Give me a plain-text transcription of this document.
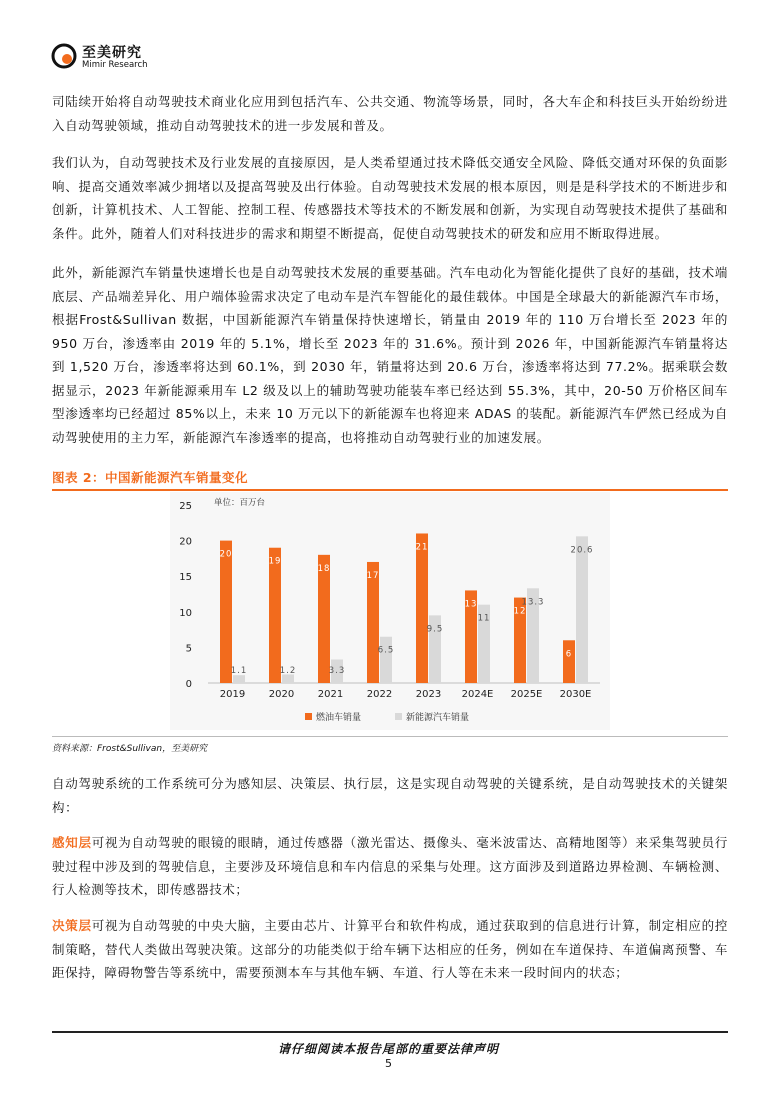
至美研究
Mimir Research
司陆续开始将自动驾驶技术商业化应用到包括汽车、公共交通、物流等场景，同时，各大车企和科技巨头开始纷纷进入自动驾驶领域，推动自动驾驶技术的进一步发展和普及。
我们认为，自动驾驶技术及行业发展的直接原因，是人类希望通过技术降低交通安全风险、降低交通对环保的负面影响、提高交通效率减少拥堵以及提高驾驶及出行体验。自动驾驶技术发展的根本原因，则是是科学技术的不断进步和创新，计算机技术、人工智能、控制工程、传感器技术等技术的不断发展和创新，为实现自动驾驶技术提供了基础和条件。此外，随着人们对科技进步的需求和期望不断提高，促使自动驾驶技术的研发和应用不断取得进展。
此外，新能源汽车销量快速增长也是自动驾驶技术发展的重要基础。汽车电动化为智能化提供了良好的基础，技术端底层、产品端差异化、用户端体验需求决定了电动车是汽车智能化的最佳载体。中国是全球最大的新能源汽车市场，根据Frost&Sullivan 数据，中国新能源汽车销量保持快速增长，销量由 2019 年的 110 万台增长至 2023 年的 950 万台，渗透率由 2019 年的 5.1%，增长至 2023 年的 31.6%。预计到 2026 年，中国新能源汽车销量将达到 1,520 万台，渗透率将达到 60.1%，到 2030 年，销量将达到 20.6 万台，渗透率将达到 77.2%。据乘联会数据显示，2023 年新能源乘用车 L2 级及以上的辅助驾驶功能装车率已经达到 55.3%，其中，20-50 万价格区间车型渗透率均已经超过 85%以上，未来 10 万元以下的新能源车也将迎来 ADAS 的装配。新能源汽车俨然已经成为自动驾驶使用的主力军，新能源汽车渗透率的提高，也将推动自动驾驶行业的加速发展。
图表 2：中国新能源汽车销量变化
单位：百万台
0
5
10
15
20
25
20
1.1
2019
19
1.2
2020
18
3.3
2021
17
6.5
2022
21
9.5
2023
13
11
2024E
12
13.3
2025E
6
20.6
2030E
燃油车销量	新能源汽车销量
资料来源：Frost&Sullivan，至美研究
自动驾驶系统的工作系统可分为感知层、决策层、执行层，这是实现自动驾驶的关键系统，是自动驾驶技术的关键架构：
感知层可视为自动驾驶的眼镜的眼睛，通过传感器（激光雷达、摄像头、毫米波雷达、高精地图等）来采集驾驶员行驶过程中涉及到的驾驶信息，主要涉及环境信息和车内信息的采集与处理。这方面涉及到道路边界检测、车辆检测、行人检测等技术，即传感器技术；
决策层可视为自动驾驶的中央大脑，主要由芯片、计算平台和软件构成，通过获取到的信息进行计算，制定相应的控制策略，替代人类做出驾驶决策。这部分的功能类似于给车辆下达相应的任务，例如在车道保持、车道偏离预警、车距保持，障碍物警告等系统中，需要预测本车与其他车辆、车道、行人等在未来一段时间内的状态；
请仔细阅读本报告尾部的重要法律声明
5
